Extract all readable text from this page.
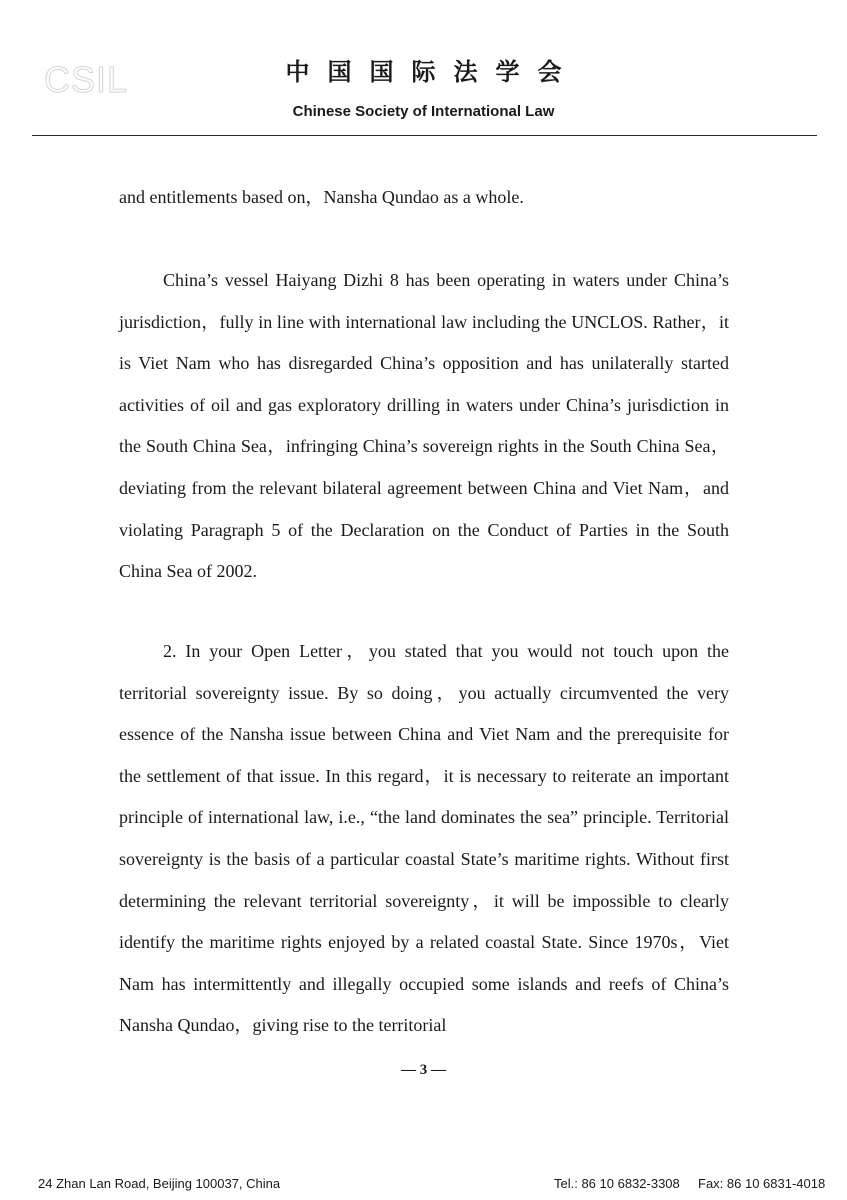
CSIL	中国国际法学会
Chinese Society of International Law

and entitlements based on，Nansha Qundao as a whole.

China’s vessel Haiyang Dizhi 8 has been operating in waters under China’s jurisdiction，fully in line with international law including the UNCLOS. Rather，it is Viet Nam who has disregarded China’s opposition and has unilaterally started activities of oil and gas exploratory drilling in waters under China’s jurisdiction in the South China Sea，infringing China’s sovereign rights in the South China Sea，deviating from the relevant bilateral agreement between China and Viet Nam，and violating Paragraph 5 of the Declaration on the Conduct of Parties in the South China Sea of 2002.

2. In your Open Letter，you stated that you would not touch upon the territorial sovereignty issue. By so doing，you actually circumvented the very essence of the Nansha issue between China and Viet Nam and the prerequisite for the settlement of that issue. In this regard，it is necessary to reiterate an important principle of international law, i.e., “the land dominates the sea” principle. Territorial sovereignty is the basis of a particular coastal State’s maritime rights. Without first determining the relevant territorial sovereignty，it will be impossible to clearly identify the maritime rights enjoyed by a related coastal State. Since 1970s，Viet Nam has intermittently and illegally occupied some islands and reefs of China’s Nansha Qundao，giving rise to the territorial

— 3 —
24 Zhan Lan Road, Beijing 100037, China	Tel.: 86 10 6832-3308 Fax: 86 10 6831-4018
